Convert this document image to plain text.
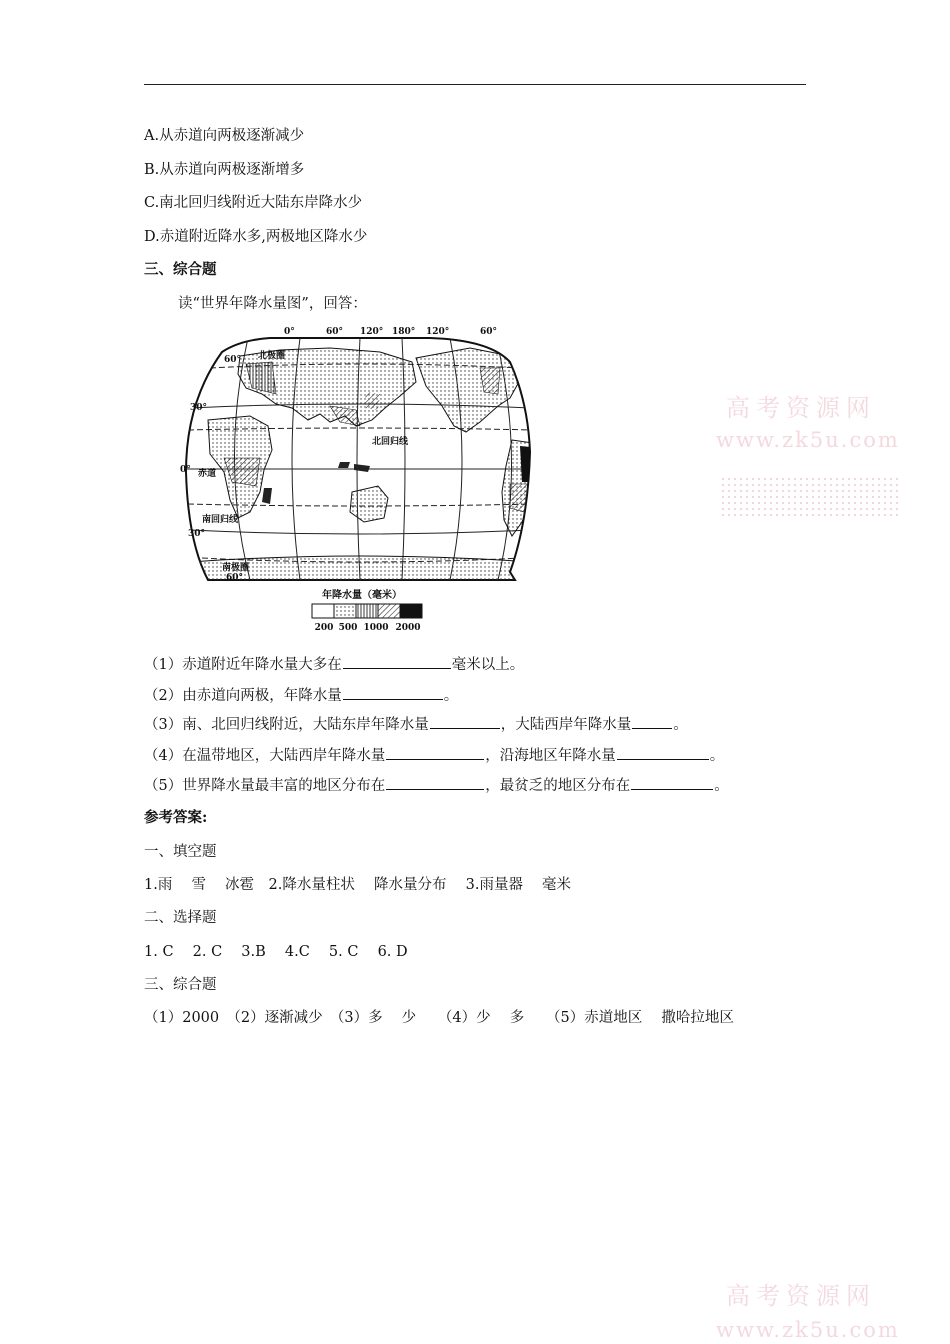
A.从赤道向两极逐渐减少
B.从赤道向两极逐渐增多
C.南北回归线附近大陆东岸降水少
D.赤道附近降水多,两极地区降水少
三、综合题
读“世界年降水量图”，回答：
0°	60° 120° 180° 120°	60°
60°
30°
0°
30°
60°
北极圈
北回归线
赤道
南回归线
南极圈
年降水量（毫米）
200 500 1000 2000
（1）赤道附近年降水量大多在	毫米以上。
（2）由赤道向两极，年降水量	。
（3）南、北回归线附近，大陆东岸年降水量	，大陆西岸年降水量	。
（4）在温带地区，大陆西岸年降水量	，沿海地区年降水量	。
（5）世界降水量最丰富的地区分布在	，最贫乏的地区分布在	。
参考答案:
一、填空题
1.雨　 雪　 冰雹　2.降水量柱状　 降水量分布　 3.雨量器　 毫米
二、选择题
1. C　 2. C　 3.B　 4.C　 5. C　 6. D
三、综合题
（1）2000　（2）逐渐减少　（3）多　 少　　（4）少　 多　　（5）赤道地区　 撒哈拉地区
高考资源网
www.zk5u.com
高考资源网
www.zk5u.com
